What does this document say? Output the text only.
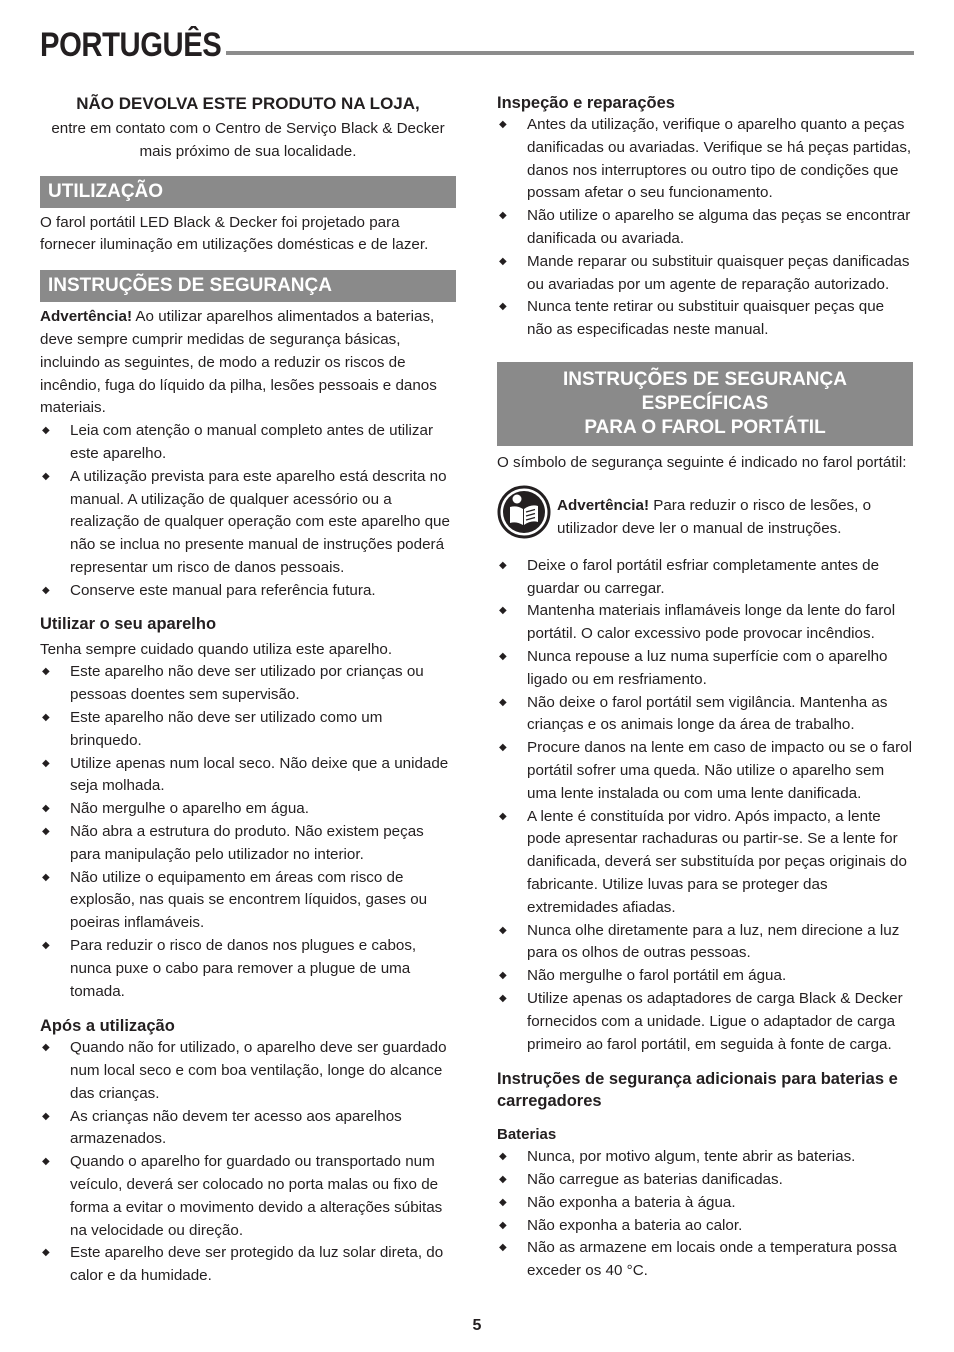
PORTUGUÊS

NÃO DEVOLVA ESTE PRODUTO NA LOJA,

entre em contato com o Centro de Serviço Black & Decker mais próximo de sua localidade.

UTILIZAÇÃO

O farol portátil LED Black & Decker foi projetado para fornecer iluminação em utilizações domésticas e de lazer.

INSTRUÇÕES DE SEGURANÇA

Advertência! Ao utilizar aparelhos alimentados a baterias, deve sempre cumprir medidas de segurança básicas, incluindo as seguintes, de modo a reduzir os riscos de incêndio, fuga do líquido da pilha, lesões pessoais e danos materiais.

◆ Leia com atenção o manual completo antes de utilizar este aparelho.
◆ A utilização prevista para este aparelho está descrita no manual. A utilização de qualquer acessório ou a realização de qualquer operação com este aparelho que não se inclua no presente manual de instruções poderá representar um risco de danos pessoais.
◆ Conserve este manual para referência futura.

Utilizar o seu aparelho

Tenha sempre cuidado quando utiliza este aparelho.

◆ Este aparelho não deve ser utilizado por crianças ou pessoas doentes sem supervisão.
◆ Este aparelho não deve ser utilizado como um brinquedo.
◆ Utilize apenas num local seco. Não deixe que a unidade seja molhada.
◆ Não mergulhe o aparelho em água.
◆ Não abra a estrutura do produto. Não existem peças para manipulação pelo utilizador no interior.
◆ Não utilize o equipamento em áreas com risco de explosão, nas quais se encontrem líquidos, gases ou poeiras inflamáveis.
◆ Para reduzir o risco de danos nos plugues e cabos, nunca puxe o cabo para remover a plugue de uma tomada.

Após a utilização

◆ Quando não for utilizado, o aparelho deve ser guardado num local seco e com boa ventilação, longe do alcance das crianças.
◆ As crianças não devem ter acesso aos aparelhos armazenados.
◆ Quando o aparelho for guardado ou transportado num veículo, deverá ser colocado no porta malas ou fixo de forma a evitar o movimento devido a alterações súbitas na velocidade ou direção.
◆ Este aparelho deve ser protegido da luz solar direta, do calor e da humidade.

Inspeção e reparações

◆ Antes da utilização, verifique o aparelho quanto a peças danificadas ou avariadas. Verifique se há peças partidas, danos nos interruptores ou outro tipo de condições que possam afetar o seu funcionamento.
◆ Não utilize o aparelho se alguma das peças se encontrar danificada ou avariada.
◆ Mande reparar ou substituir quaisquer peças danificadas ou avariadas por um agente de reparação autorizado.
◆ Nunca tente retirar ou substituir quaisquer peças que não as especificadas neste manual.
INSTRUÇÕES DE SEGURANÇA ESPECÍFICAS
PARA O FAROL PORTÁTIL

O símbolo de segurança seguinte é indicado no farol portátil:

Advertência! Para reduzir o risco de lesões, o utilizador deve ler o manual de instruções.
◆ Deixe o farol portátil esfriar completamente antes de guardar ou carregar.
◆ Mantenha materiais inflamáveis longe da lente do farol portátil. O calor excessivo pode provocar incêndios.
◆ Nunca repouse a luz numa superfície com o aparelho ligado ou em resfriamento.
◆ Não deixe o farol portátil sem vigilância. Mantenha as crianças e os animais longe da área de trabalho.
◆ Procure danos na lente em caso de impacto ou se o farol portátil sofrer uma queda. Não utilize o aparelho sem uma lente instalada ou com uma lente danificada.
◆ A lente é constituída por vidro. Após impacto, a lente pode apresentar rachaduras ou partir-se. Se a lente for danificada, deverá ser substituída por peças originais do fabricante. Utilize luvas para se proteger das extremidades afiadas.
◆ Nunca olhe diretamente para a luz, nem direcione a luz para os olhos de outras pessoas.
◆ Não mergulhe o farol portátil em água.
◆ Utilize apenas os adaptadores de carga Black & Decker fornecidos com a unidade. Ligue o adaptador de carga primeiro ao farol portátil, em seguida à fonte de carga.

Instruções de segurança adicionais para baterias e carregadores

Baterias

◆ Nunca, por motivo algum, tente abrir as baterias.
◆ Não carregue as baterias danificadas.
◆ Não exponha a bateria à água.
◆ Não exponha a bateria ao calor.
◆ Não as armazene em locais onde a temperatura possa exceder os 40 °C.
5
